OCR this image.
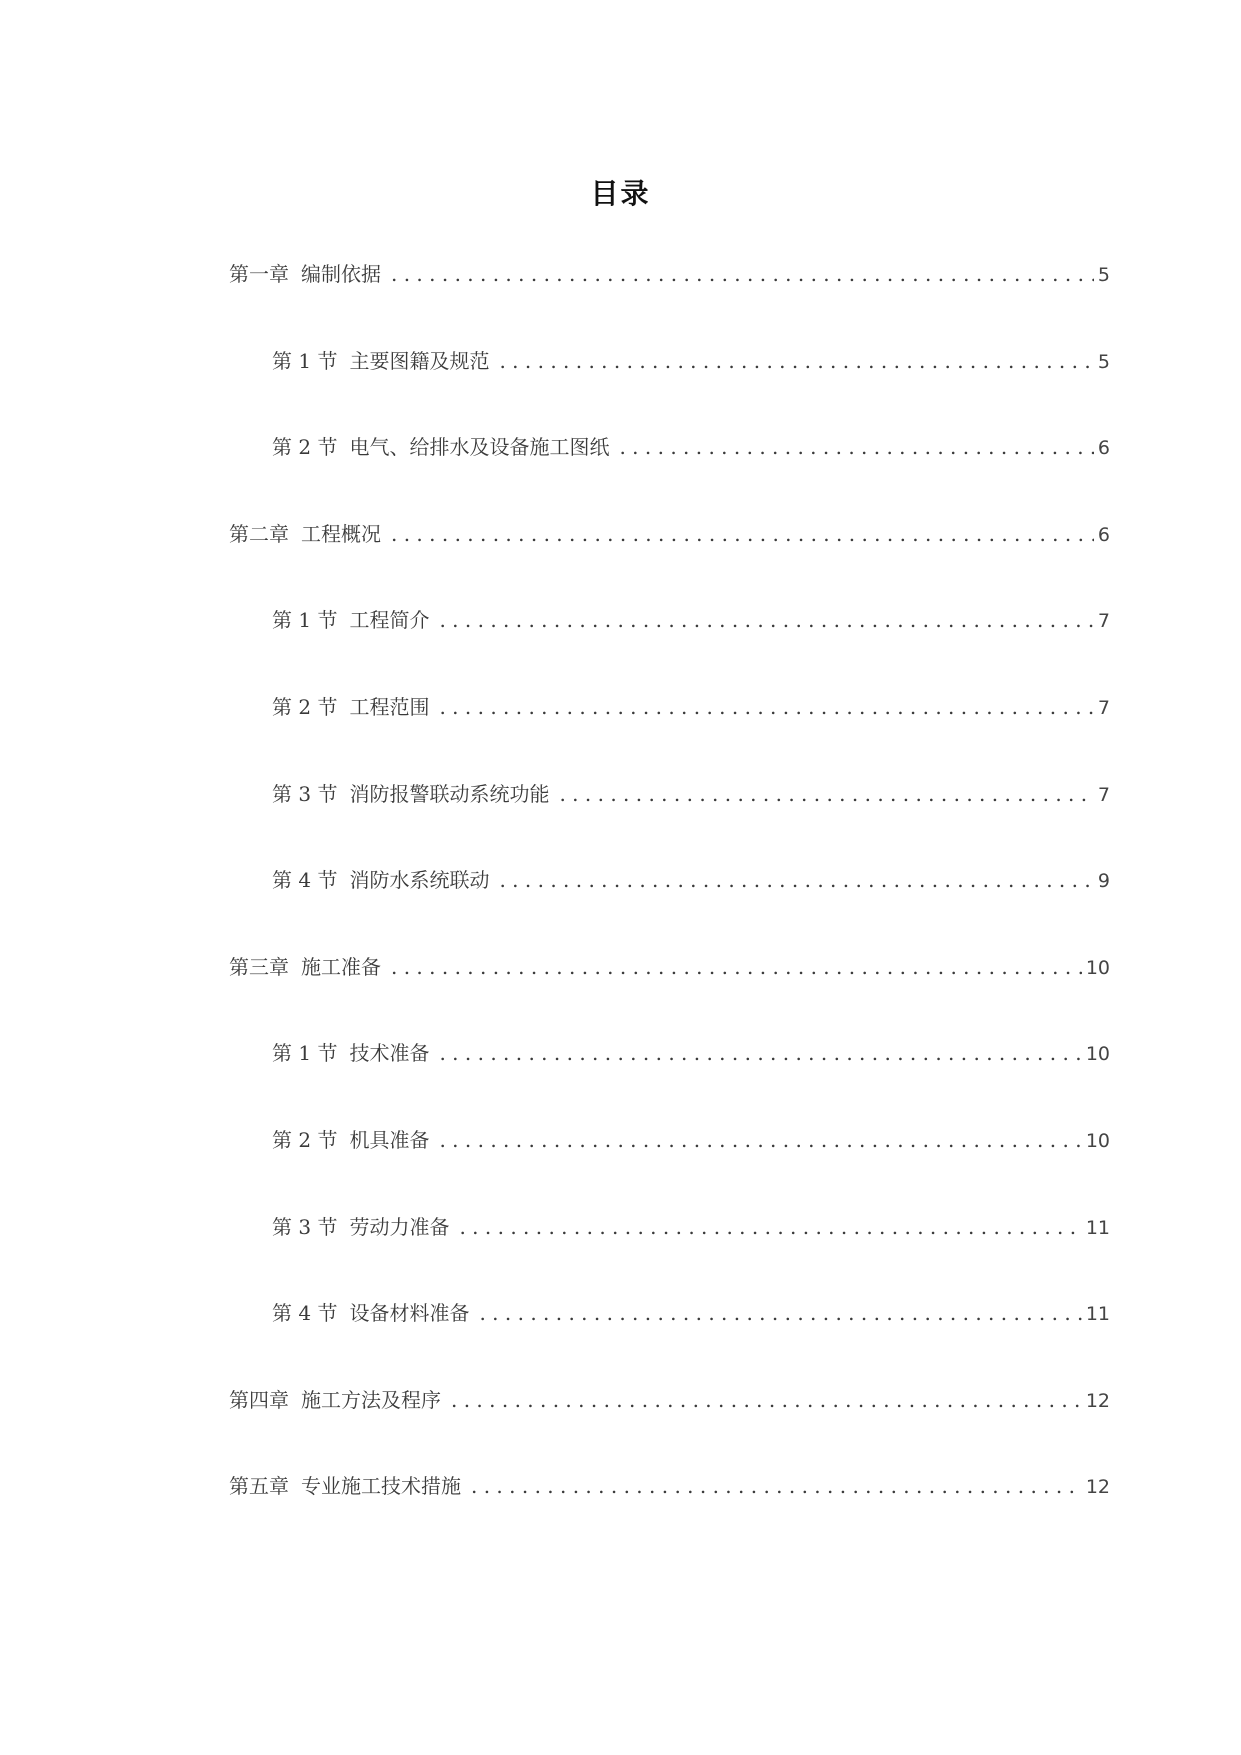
目录
第一章 编制依据 . . .	5
第 1 节 主要图籍及规范 . . .	5
第 2 节 电气、给排水及设备施工图纸 . . .	6
第二章 工程概况 . . .	6
第 1 节 工程简介 . . .	7
第 2 节 工程范围 . . .	7
第 3 节 消防报警联动系统功能 . . .	7
第 4 节 消防水系统联动 . . .	9
第三章 施工准备 . . .	10
第 1 节 技术准备 . . .	10
第 2 节 机具准备 . . .	10
第 3 节 劳动力准备 . . .	11
第 4 节 设备材料准备 . . .	11
第四章 施工方法及程序 . . .	12
第五章 专业施工技术措施 . . .	12
